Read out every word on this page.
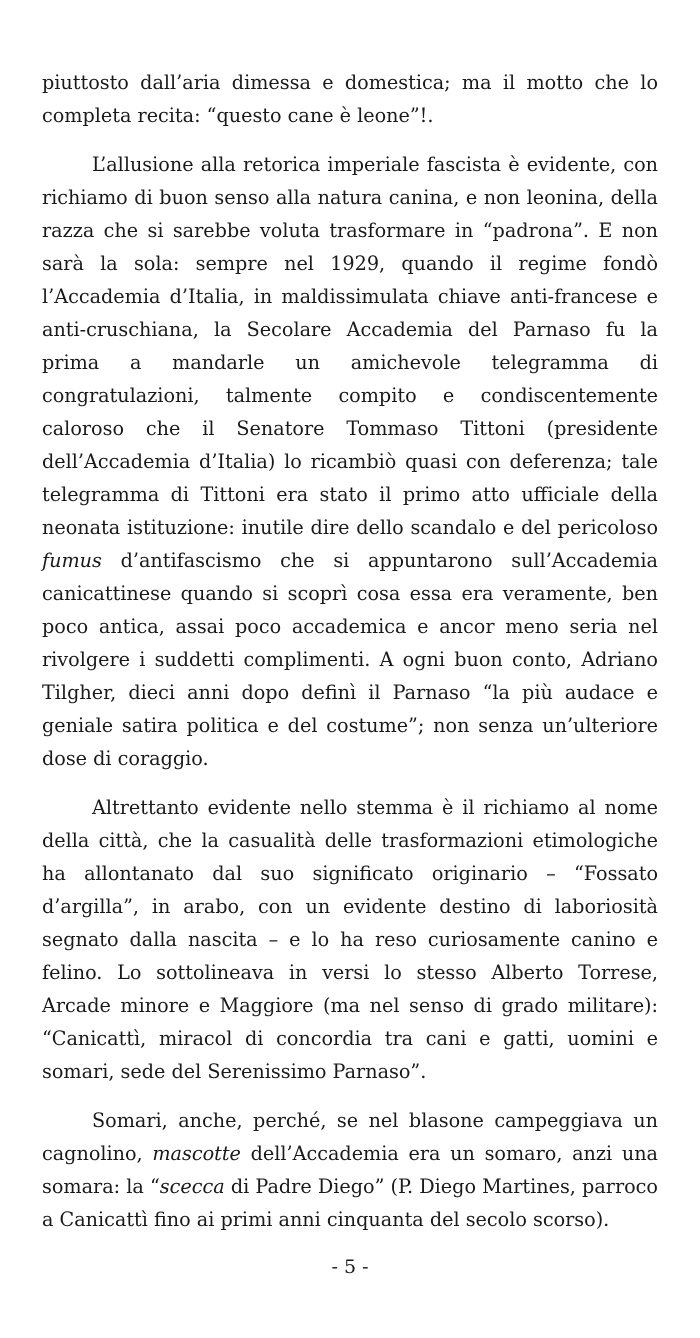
piuttosto dall’aria dimessa e domestica; ma il motto che lo completa recita: “questo cane è leone”!.

L’allusione alla retorica imperiale fascista è evidente, con richiamo di buon senso alla natura canina, e non leonina, della razza che si sarebbe voluta trasformare in “padrona”. E non sarà la sola: sempre nel 1929, quando il regime fondò l’Accademia d’Italia, in maldissimulata chiave anti-francese e anti-cruschiana, la Secolare Accademia del Parnaso fu la prima a mandarle un amichevole telegramma di congratulazioni, talmente compito e condiscentemente caloroso che il Senatore Tommaso Tittoni (presidente dell’Accademia d’Italia) lo ricambiò quasi con deferenza; tale telegramma di Tittoni era stato il primo atto ufficiale della neonata istituzione: inutile dire dello scandalo e del pericoloso fumus d’antifascismo che si appuntarono sull’Accademia canicattinese quando si scoprì cosa essa era veramente, ben poco antica, assai poco accademica e ancor meno seria nel rivolgere i suddetti complimenti. A ogni buon conto, Adriano Tilgher, dieci anni dopo definì il Parnaso “la più audace e geniale satira politica e del costume”; non senza un’ulteriore dose di coraggio.

Altrettanto evidente nello stemma è il richiamo al nome della città, che la casualità delle trasformazioni etimologiche ha allontanato dal suo significato originario – “Fossato d’argilla”, in arabo, con un evidente destino di laboriosità segnato dalla nascita – e lo ha reso curiosamente canino e felino. Lo sottolineava in versi lo stesso Alberto Torrese, Arcade minore e Maggiore (ma nel senso di grado militare): “Canicattì, miracol di concordia tra cani e gatti, uomini e somari, sede del Serenissimo Parnaso”.

Somari, anche, perché, se nel blasone campeggiava un cagnolino, mascotte dell’Accademia era un somaro, anzi una somara: la “scecca di Padre Diego” (P. Diego Martines, parroco a Canicattì fino ai primi anni cinquanta del secolo scorso).

- 5 -
